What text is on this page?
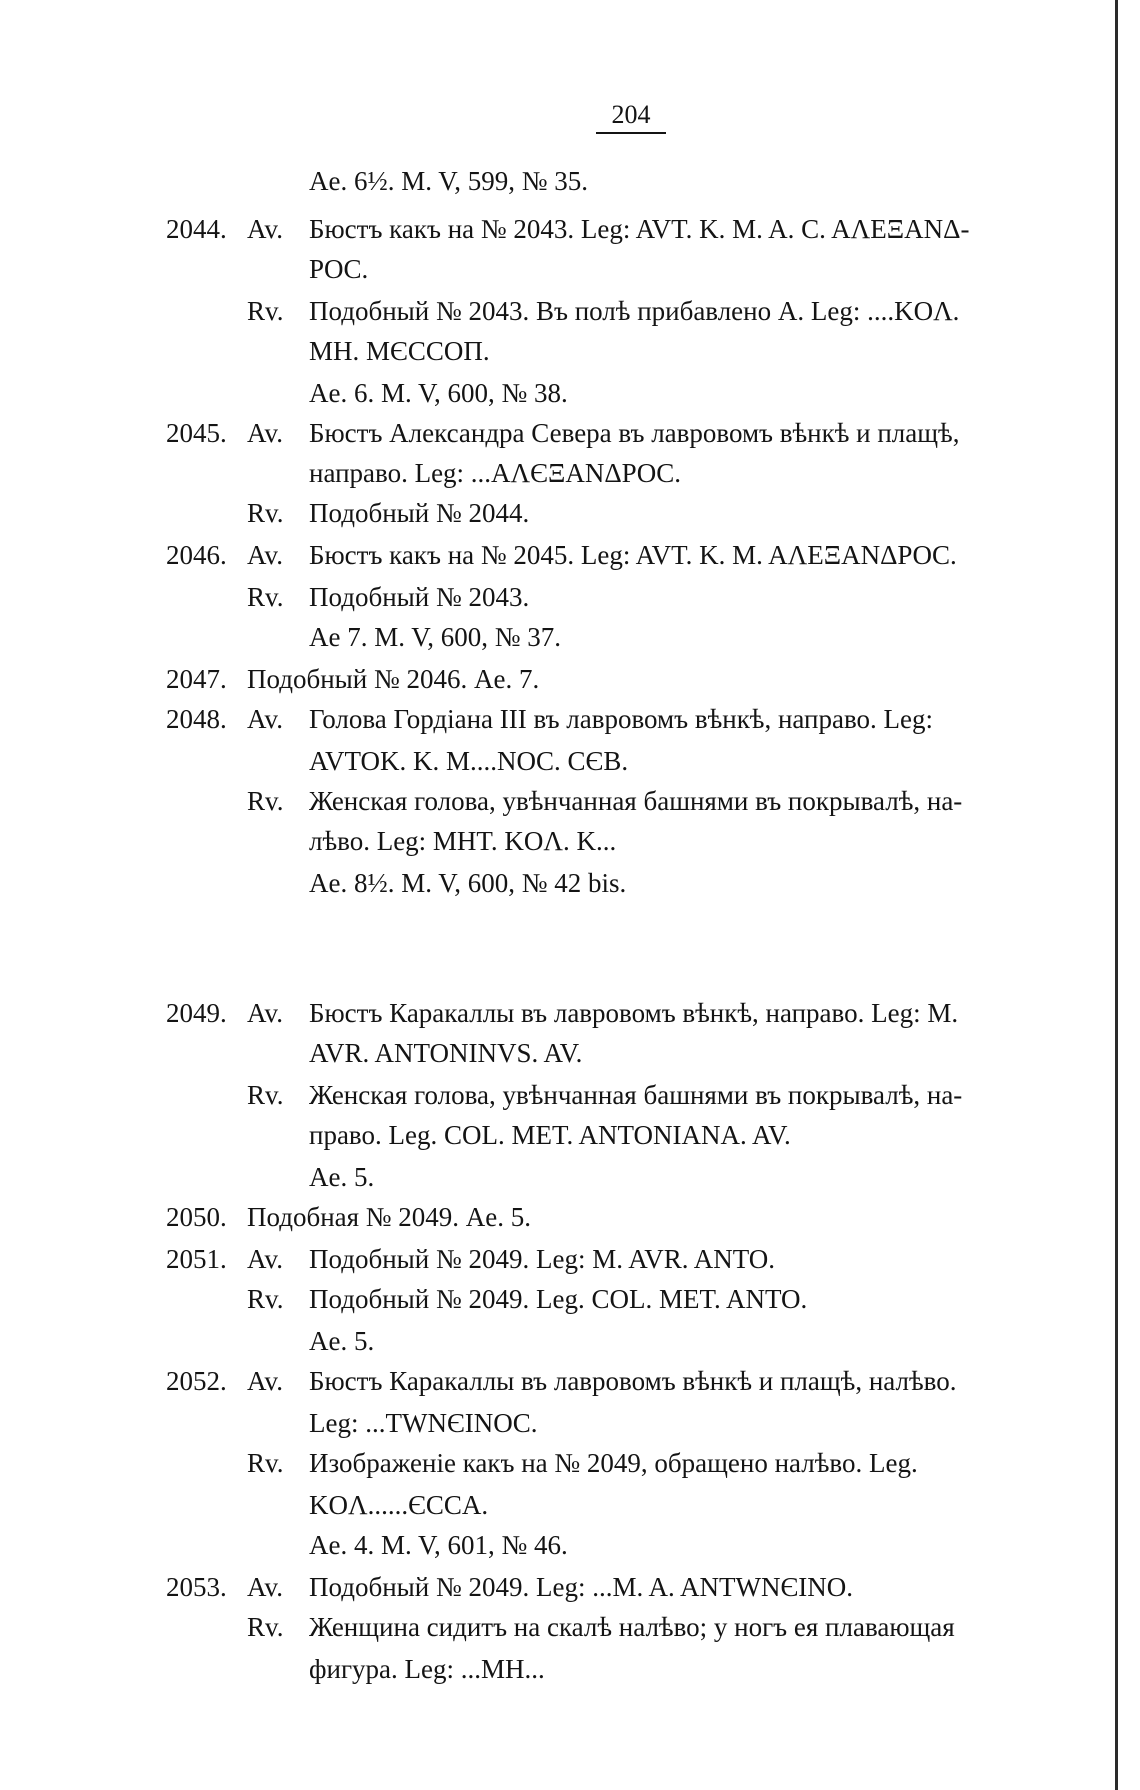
204
Ae. 6½. M. V, 599, № 35.
2044. Av. Бюстъ какъ на № 2043. Leg: AVT. K. M. A. C. AΛEΞANΔ-
POC.
Rv. Подобный № 2043. Въ полѣ прибавлено А. Leg: ....KOΛ.
MH. MЄCCOΠ.
Ae. 6. M. V, 600, № 38.
2045. Av. Бюстъ Александра Севера въ лавровомъ вѣнкѣ и плащѣ,
направо. Leg: ...AΛЄΞANΔPOC.
Rv. Подобный № 2044.
2046. Av. Бюстъ какъ на № 2045. Leg: AVT. K. M. AΛEΞANΔPOC.
Rv. Подобный № 2043.
Ae 7. M. V, 600, № 37.
2047. Подобный № 2046. Ae. 7.
2048. Av. Голова Гордіана III въ лавровомъ вѣнкѣ, направо. Leg:
AVTOK. K. M....NOC. CЄB.
Rv. Женская голова, увѣнчанная башнями въ покрывалѣ, на-
лѣво. Leg: MHT. KOΛ. K...
Ae. 8½. M. V, 600, № 42 bis.
2049. Av. Бюстъ Каракаллы въ лавровомъ вѣнкѣ, направо. Leg: M.
AVR. ANTONINVS. AV.
Rv. Женская голова, увѣнчанная башнями въ покрывалѣ, на-
право. Leg. COL. MET. ANTONIANA. AV.
Ae. 5.
2050. Подобная № 2049. Ae. 5.
2051. Av. Подобный № 2049. Leg: M. AVR. ANTO.
Rv. Подобный № 2049. Leg. COL. MET. ANTO.
Ae. 5.
2052. Av. Бюстъ Каракаллы въ лавровомъ вѣнкѣ и плащѣ, налѣво.
Leg: ...TWNЄINOC.
Rv. Изображеніе какъ на № 2049, обращено налѣво. Leg.
KOΛ......ЄCCA.
Ae. 4. M. V, 601, № 46.
2053. Av. Подобный № 2049. Leg: ...M. A. ANTWNЄINO.
Rv. Женщина сидитъ на скалѣ налѣво; у ногъ ея плавающая
фигура. Leg: ...MH...
